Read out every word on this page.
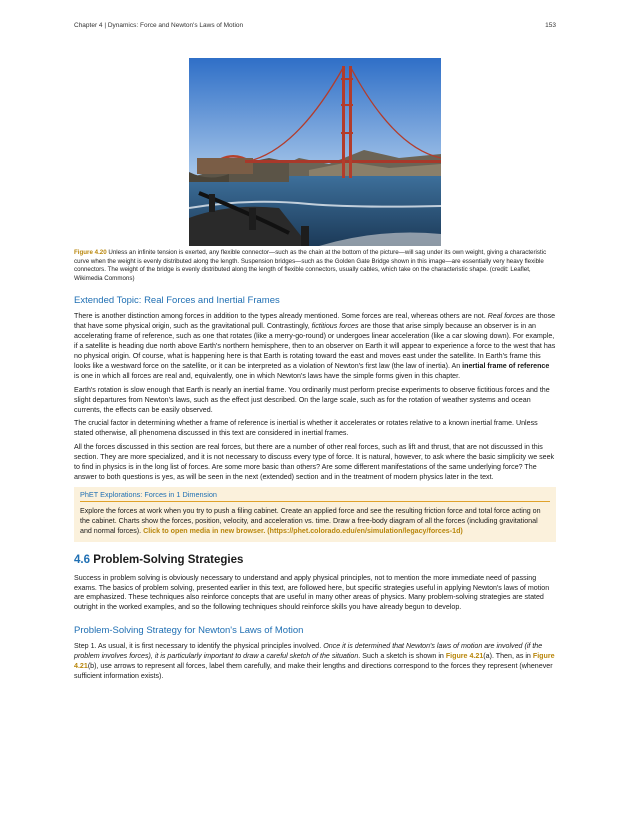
Chapter 4 | Dynamics: Force and Newton's Laws of Motion	153
Figure 4.20 Unless an infinite tension is exerted, any flexible connector—such as the chain at the bottom of the picture—will sag under its own weight, giving a characteristic curve when the weight is evenly distributed along the length. Suspension bridges—such as the Golden Gate Bridge shown in this image—are essentially very heavy flexible connectors. The weight of the bridge is evenly distributed along the length of flexible connectors, usually cables, which take on the characteristic shape. (credit: Leaflet, Wikimedia Commons)
Extended Topic: Real Forces and Inertial Frames

There is another distinction among forces in addition to the types already mentioned. Some forces are real, whereas others are not. Real forces are those that have some physical origin, such as the gravitational pull. Contrastingly, fictitious forces are those that arise simply because an observer is in an accelerating frame of reference, such as one that rotates (like a merry-go-round) or undergoes linear acceleration (like a car slowing down). For example, if a satellite is heading due north above Earth's northern hemisphere, then to an observer on Earth it will appear to experience a force to the west that has no physical origin. Of course, what is happening here is that Earth is rotating toward the east and moves east under the satellite. In Earth's frame this looks like a westward force on the satellite, or it can be interpreted as a violation of Newton's first law (the law of inertia). An inertial frame of reference is one in which all forces are real and, equivalently, one in which Newton's laws have the simple forms given in this chapter.

Earth's rotation is slow enough that Earth is nearly an inertial frame. You ordinarily must perform precise experiments to observe fictitious forces and the slight departures from Newton's laws, such as the effect just described. On the large scale, such as for the rotation of weather systems and ocean currents, the effects can be easily observed.

The crucial factor in determining whether a frame of reference is inertial is whether it accelerates or rotates relative to a known inertial frame. Unless stated otherwise, all phenomena discussed in this text are considered in inertial frames.

All the forces discussed in this section are real forces, but there are a number of other real forces, such as lift and thrust, that are not discussed in this section. They are more specialized, and it is not necessary to discuss every type of force. It is natural, however, to ask where the basic simplicity we seek to find in physics is in the long list of forces. Are some more basic than others? Are some different manifestations of the same underlying force? The answer to both questions is yes, as will be seen in the next (extended) section and in the treatment of modern physics later in the text.

PhET Explorations: Forces in 1 Dimension

Explore the forces at work when you try to push a filing cabinet. Create an applied force and see the resulting friction force and total force acting on the cabinet. Charts show the forces, position, velocity, and acceleration vs. time. Draw a free-body diagram of all the forces (including gravitational and normal forces). Click to open media in new browser. (https://phet.colorado.edu/en/simulation/legacy/forces-1d)

4.6 Problem-Solving Strategies

Success in problem solving is obviously necessary to understand and apply physical principles, not to mention the more immediate need of passing exams. The basics of problem solving, presented earlier in this text, are followed here, but specific strategies useful in applying Newton's laws of motion are emphasized. These techniques also reinforce concepts that are useful in many other areas of physics. Many problem-solving strategies are stated outright in the worked examples, and so the following techniques should reinforce skills you have already begun to develop.

Problem-Solving Strategy for Newton's Laws of Motion

Step 1. As usual, it is first necessary to identify the physical principles involved. Once it is determined that Newton's laws of motion are involved (if the problem involves forces), it is particularly important to draw a careful sketch of the situation. Such a sketch is shown in Figure 4.21(a). Then, as in Figure 4.21(b), use arrows to represent all forces, label them carefully, and make their lengths and directions correspond to the forces they represent (whenever sufficient information exists).
